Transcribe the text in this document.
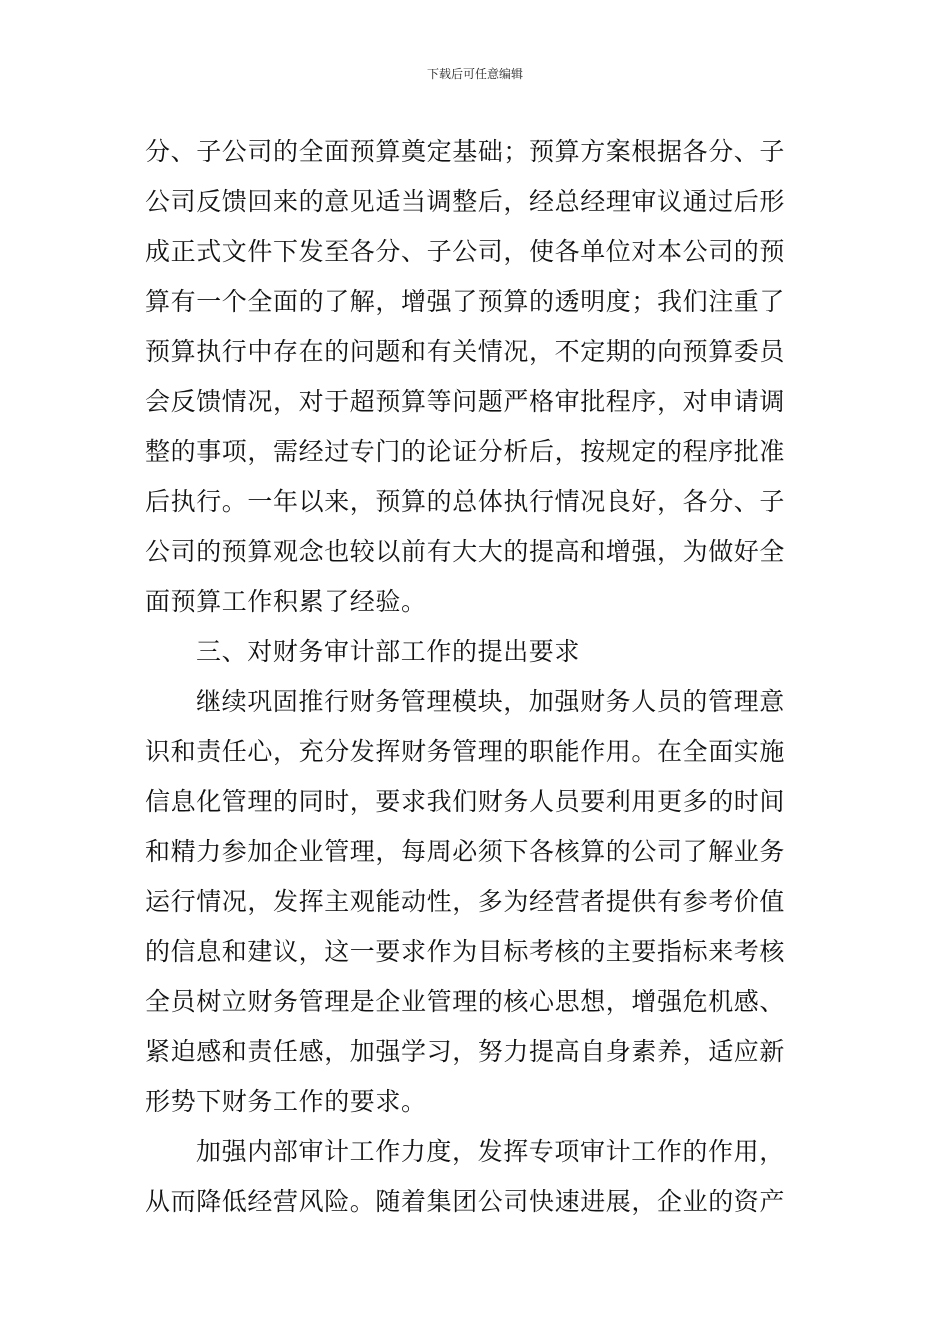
下载后可任意编辑
分、子公司的全面预算奠定基础；预算方案根据各分、子
公司反馈回来的意见适当调整后，经总经理审议通过后形
成正式文件下发至各分、子公司，使各单位对本公司的预
算有一个全面的了解，增强了预算的透明度；我们注重了
预算执行中存在的问题和有关情况，不定期的向预算委员
会反馈情况，对于超预算等问题严格审批程序，对申请调
整的事项，需经过专门的论证分析后，按规定的程序批准
后执行。一年以来，预算的总体执行情况良好，各分、子
公司的预算观念也较以前有大大的提高和增强，为做好全
面预算工作积累了经验。
三、对财务审计部工作的提出要求
继续巩固推行财务管理模块，加强财务人员的管理意
识和责任心，充分发挥财务管理的职能作用。在全面实施
信息化管理的同时，要求我们财务人员要利用更多的时间
和精力参加企业管理，每周必须下各核算的公司了解业务
运行情况，发挥主观能动性，多为经营者提供有参考价值
的信息和建议，这一要求作为目标考核的主要指标来考核
全员树立财务管理是企业管理的核心思想，增强危机感、
紧迫感和责任感，加强学习，努力提高自身素养，适应新
形势下财务工作的要求。
加强内部审计工作力度，发挥专项审计工作的作用，
从而降低经营风险。随着集团公司快速进展，企业的资产
